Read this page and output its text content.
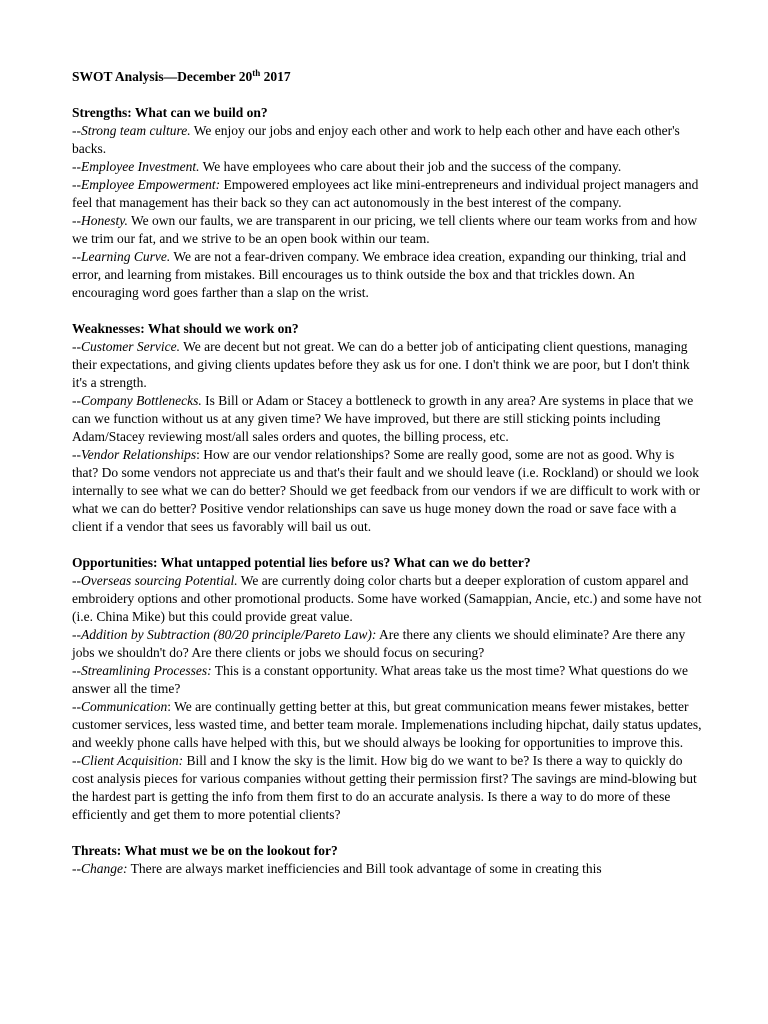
SWOT Analysis—December 20th 2017

Strengths: What can we build on?

--Strong team culture. We enjoy our jobs and enjoy each other and work to help each other and have each other's backs.

--Employee Investment. We have employees who care about their job and the success of the company.

--Employee Empowerment: Empowered employees act like mini-entrepreneurs and individual project managers and feel that management has their back so they can act autonomously in the best interest of the company.

--Honesty. We own our faults, we are transparent in our pricing, we tell clients where our team works from and how we trim our fat, and we strive to be an open book within our team.

--Learning Curve. We are not a fear-driven company. We embrace idea creation, expanding our thinking, trial and error, and learning from mistakes. Bill encourages us to think outside the box and that trickles down. An encouraging word goes farther than a slap on the wrist.

Weaknesses: What should we work on?

--Customer Service. We are decent but not great. We can do a better job of anticipating client questions, managing their expectations, and giving clients updates before they ask us for one. I don't think we are poor, but I don't think it's a strength.

--Company Bottlenecks. Is Bill or Adam or Stacey a bottleneck to growth in any area? Are systems in place that we can we function without us at any given time? We have improved, but there are still sticking points including Adam/Stacey reviewing most/all sales orders and quotes, the billing process, etc.

--Vendor Relationships: How are our vendor relationships? Some are really good, some are not as good. Why is that? Do some vendors not appreciate us and that's their fault and we should leave (i.e. Rockland) or should we look internally to see what we can do better? Should we get feedback from our vendors if we are difficult to work with or what we can do better? Positive vendor relationships can save us huge money down the road or save face with a client if a vendor that sees us favorably will bail us out.

Opportunities: What untapped potential lies before us? What can we do better?

--Overseas sourcing Potential. We are currently doing color charts but a deeper exploration of custom apparel and embroidery options and other promotional products. Some have worked (Samappian, Ancie, etc.) and some have not (i.e. China Mike) but this could provide great value.

--Addition by Subtraction (80/20 principle/Pareto Law): Are there any clients we should eliminate? Are there any jobs we shouldn't do? Are there clients or jobs we should focus on securing?

--Streamlining Processes: This is a constant opportunity. What areas take us the most time? What questions do we answer all the time?

--Communication: We are continually getting better at this, but great communication means fewer mistakes, better customer services, less wasted time, and better team morale. Implemenations including hipchat, daily status updates, and weekly phone calls have helped with this, but we should always be looking for opportunities to improve this.

--Client Acquisition: Bill and I know the sky is the limit. How big do we want to be? Is there a way to quickly do cost analysis pieces for various companies without getting their permission first? The savings are mind-blowing but the hardest part is getting the info from them first to do an accurate analysis. Is there a way to do more of these efficiently and get them to more potential clients?

Threats: What must we be on the lookout for?

--Change: There are always market inefficiencies and Bill took advantage of some in creating this
